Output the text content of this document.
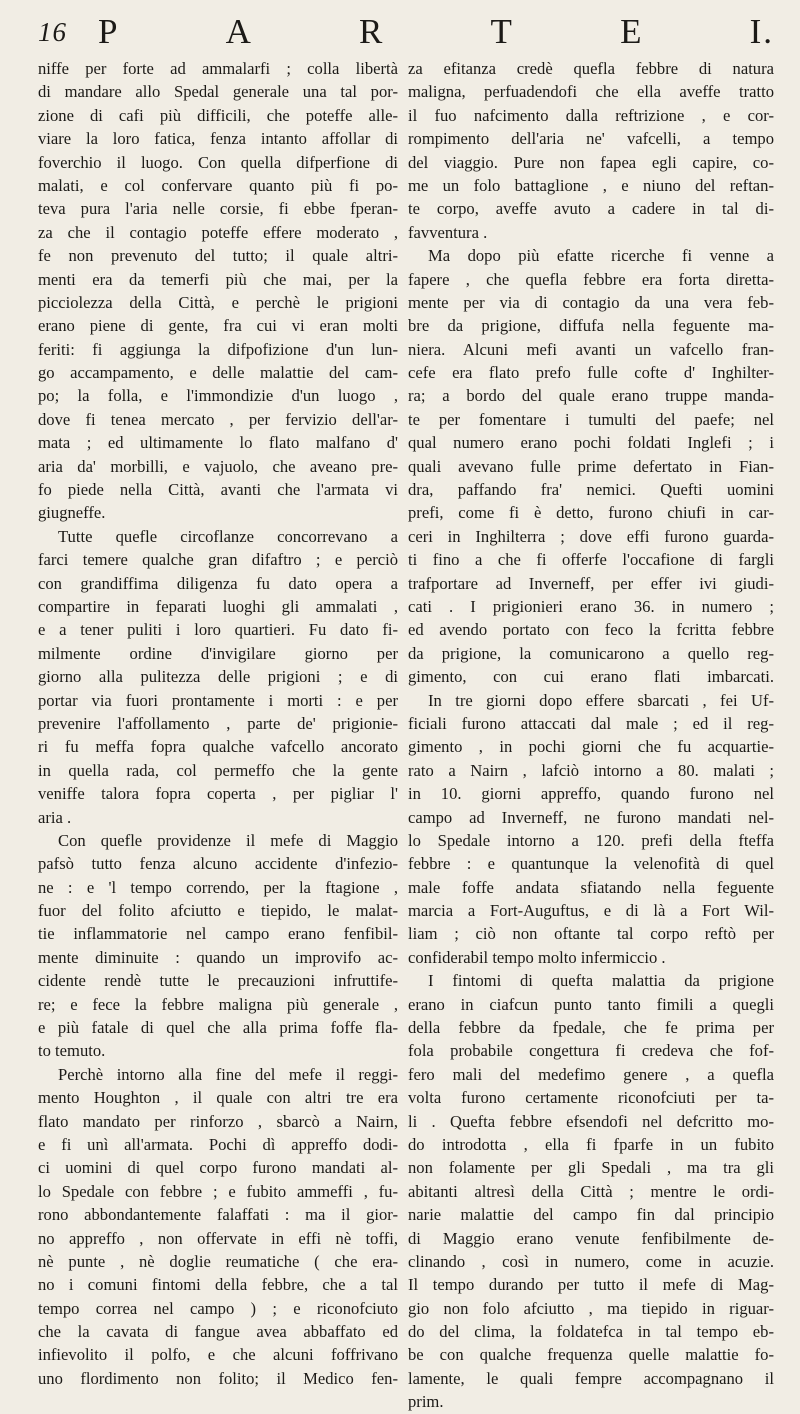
16 P	A	R	T	E	I.
niffe per forte ad ammalarfi ; colla libertà
di mandare allo Spedal generale una tal por-
zione di cafi più difficili, che poteffe alle-
viare la loro fatica, fenza intanto affollar di
foverchio il luogo. Con quella difperfione di
malati, e col confervare quanto più fi po-
teva pura l'aria nelle corsie, fi ebbe fperan-
za che il contagio poteffe effere moderato ,
fe non prevenuto del tutto; il quale altri-
menti era da temerfi più che mai, per la
picciolezza della Città, e perchè le prigioni
erano piene di gente, fra cui vi eran molti
feriti: fi aggiunga la difpofizione d'un lun-
go accampamento, e delle malattie del cam-
po; la folla, e l'immondizie d'un luogo ,
dove fi tenea mercato , per fervizio dell'ar-
mata ; ed ultimamente lo flato malfano d'
aria da' morbilli, e vajuolo, che aveano pre-
fo piede nella Città, avanti che l'armata vi
giugneffe.
Tutte quefle circoflanze concorrevano a
farci temere qualche gran difaftro ; e perciò
con grandiffima diligenza fu dato opera a
compartire in feparati luoghi gli ammalati ,
e a tener puliti i loro quartieri. Fu dato fi-
milmente ordine d'invigilare giorno per
giorno alla pulitezza delle prigioni ; e di
portar via fuori prontamente i morti : e per
prevenire l'affollamento , parte de' prigionie-
ri fu meffa fopra qualche vafcello ancorato
in quella rada, col permeffo che la gente
veniffe talora fopra coperta , per pigliar l'
aria .
Con quefle providenze il mefe di Maggio
pafsò tutto fenza alcuno accidente d'infezio-
ne : e 'l tempo correndo, per la ftagione ,
fuor del folito afciutto e tiepido, le malat-
tie inflammatorie nel campo erano fenfibil-
mente diminuite : quando un improvifo ac-
cidente rendè tutte le precauzioni infruttife-
re; e fece la febbre maligna più generale ,
e più fatale di quel che alla prima foffe fla-
to temuto.
Perchè intorno alla fine del mefe il reggi-
mento Houghton , il quale con altri tre era
flato mandato per rinforzo , sbarcò a Nairn,
e fi unì all'armata. Pochi dì appreffo dodi-
ci uomini di quel corpo furono mandati al-
lo Spedale con febbre ; e fubito ammeffi , fu-
rono abbondantemente falaffati : ma il gior-
no appreffo , non offervate in effi nè toffi,
nè punte , nè doglie reumatiche ( che era-
no i comuni fintomi della febbre, che a tal
tempo correa nel campo ) ; e riconofciuto
che la cavata di fangue avea abbaffato ed
infievolito il polfo, e che alcuni foffrivano
uno flordimento non folito; il Medico fen-
za efitanza credè quefla febbre di natura
maligna, perfuadendofi che ella aveffe tratto
il fuo nafcimento dalla reftrizione , e cor-
rompimento dell'aria ne' vafcelli, a tempo
del viaggio. Pure non fapea egli capire, co-
me un folo battaglione , e niuno del reftan-
te corpo, aveffe avuto a cadere in tal di-
favventura .
Ma dopo più efatte ricerche fi venne a
fapere , che quefla febbre era forta diretta-
mente per via di contagio da una vera feb-
bre da prigione, diffufa nella feguente ma-
niera. Alcuni mefi avanti un vafcello fran-
cefe era flato prefo fulle cofte d' Inghilter-
ra; a bordo del quale erano truppe manda-
te per fomentare i tumulti del paefe; nel
qual numero erano pochi foldati Inglefi ; i
quali avevano fulle prime defertato in Fian-
dra, paffando fra' nemici. Quefti uomini
prefi, come fi è detto, furono chiufi in car-
ceri in Inghilterra ; dove effi furono guarda-
ti fino a che fi offerfe l'occafione di fargli
trafportare ad Inverneff, per effer ivi giudi-
cati . I prigionieri erano 36. in numero ;
ed avendo portato con feco la fcritta febbre
da prigione, la comunicarono a quello reg-
gimento, con cui erano flati imbarcati.
In tre giorni dopo effere sbarcati , fei Uf-
ficiali furono attaccati dal male ; ed il reg-
gimento , in pochi giorni che fu acquartie-
rato a Nairn , lafciò intorno a 80. malati ;
in 10. giorni appreffo, quando furono nel
campo ad Inverneff, ne furono mandati nel-
lo Spedale intorno a 120. prefi della fteffa
febbre : e quantunque la velenofità di quel
male foffe andata sfiatando nella feguente
marcia a Fort-Auguftus, e di là a Fort Wil-
liam ; ciò non oftante tal corpo reftò per
confiderabil tempo molto infermiccio .
I fintomi di quefta malattia da prigione
erano in ciafcun punto tanto fimili a quegli
della febbre da fpedale, che fe prima per
fola probabile congettura fi credeva che fof-
fero mali del medefimo genere , a quefla
volta furono certamente riconofciuti per ta-
li . Quefta febbre efsendofi nel defcritto mo-
do introdotta , ella fi fparfe in un fubito
non folamente per gli Spedali , ma tra gli
abitanti altresì della Città ; mentre le ordi-
narie malattie del campo fin dal principio
di Maggio erano venute fenfibilmente de-
clinando , così in numero, come in acuzie.
Il tempo durando per tutto il mefe di Mag-
gio non folo afciutto , ma tiepido in riguar-
do del clima, la foldatefca in tal tempo eb-
be con qualche frequenza quelle malattie fo-
lamente, le quali fempre accompagnano il
prim.
